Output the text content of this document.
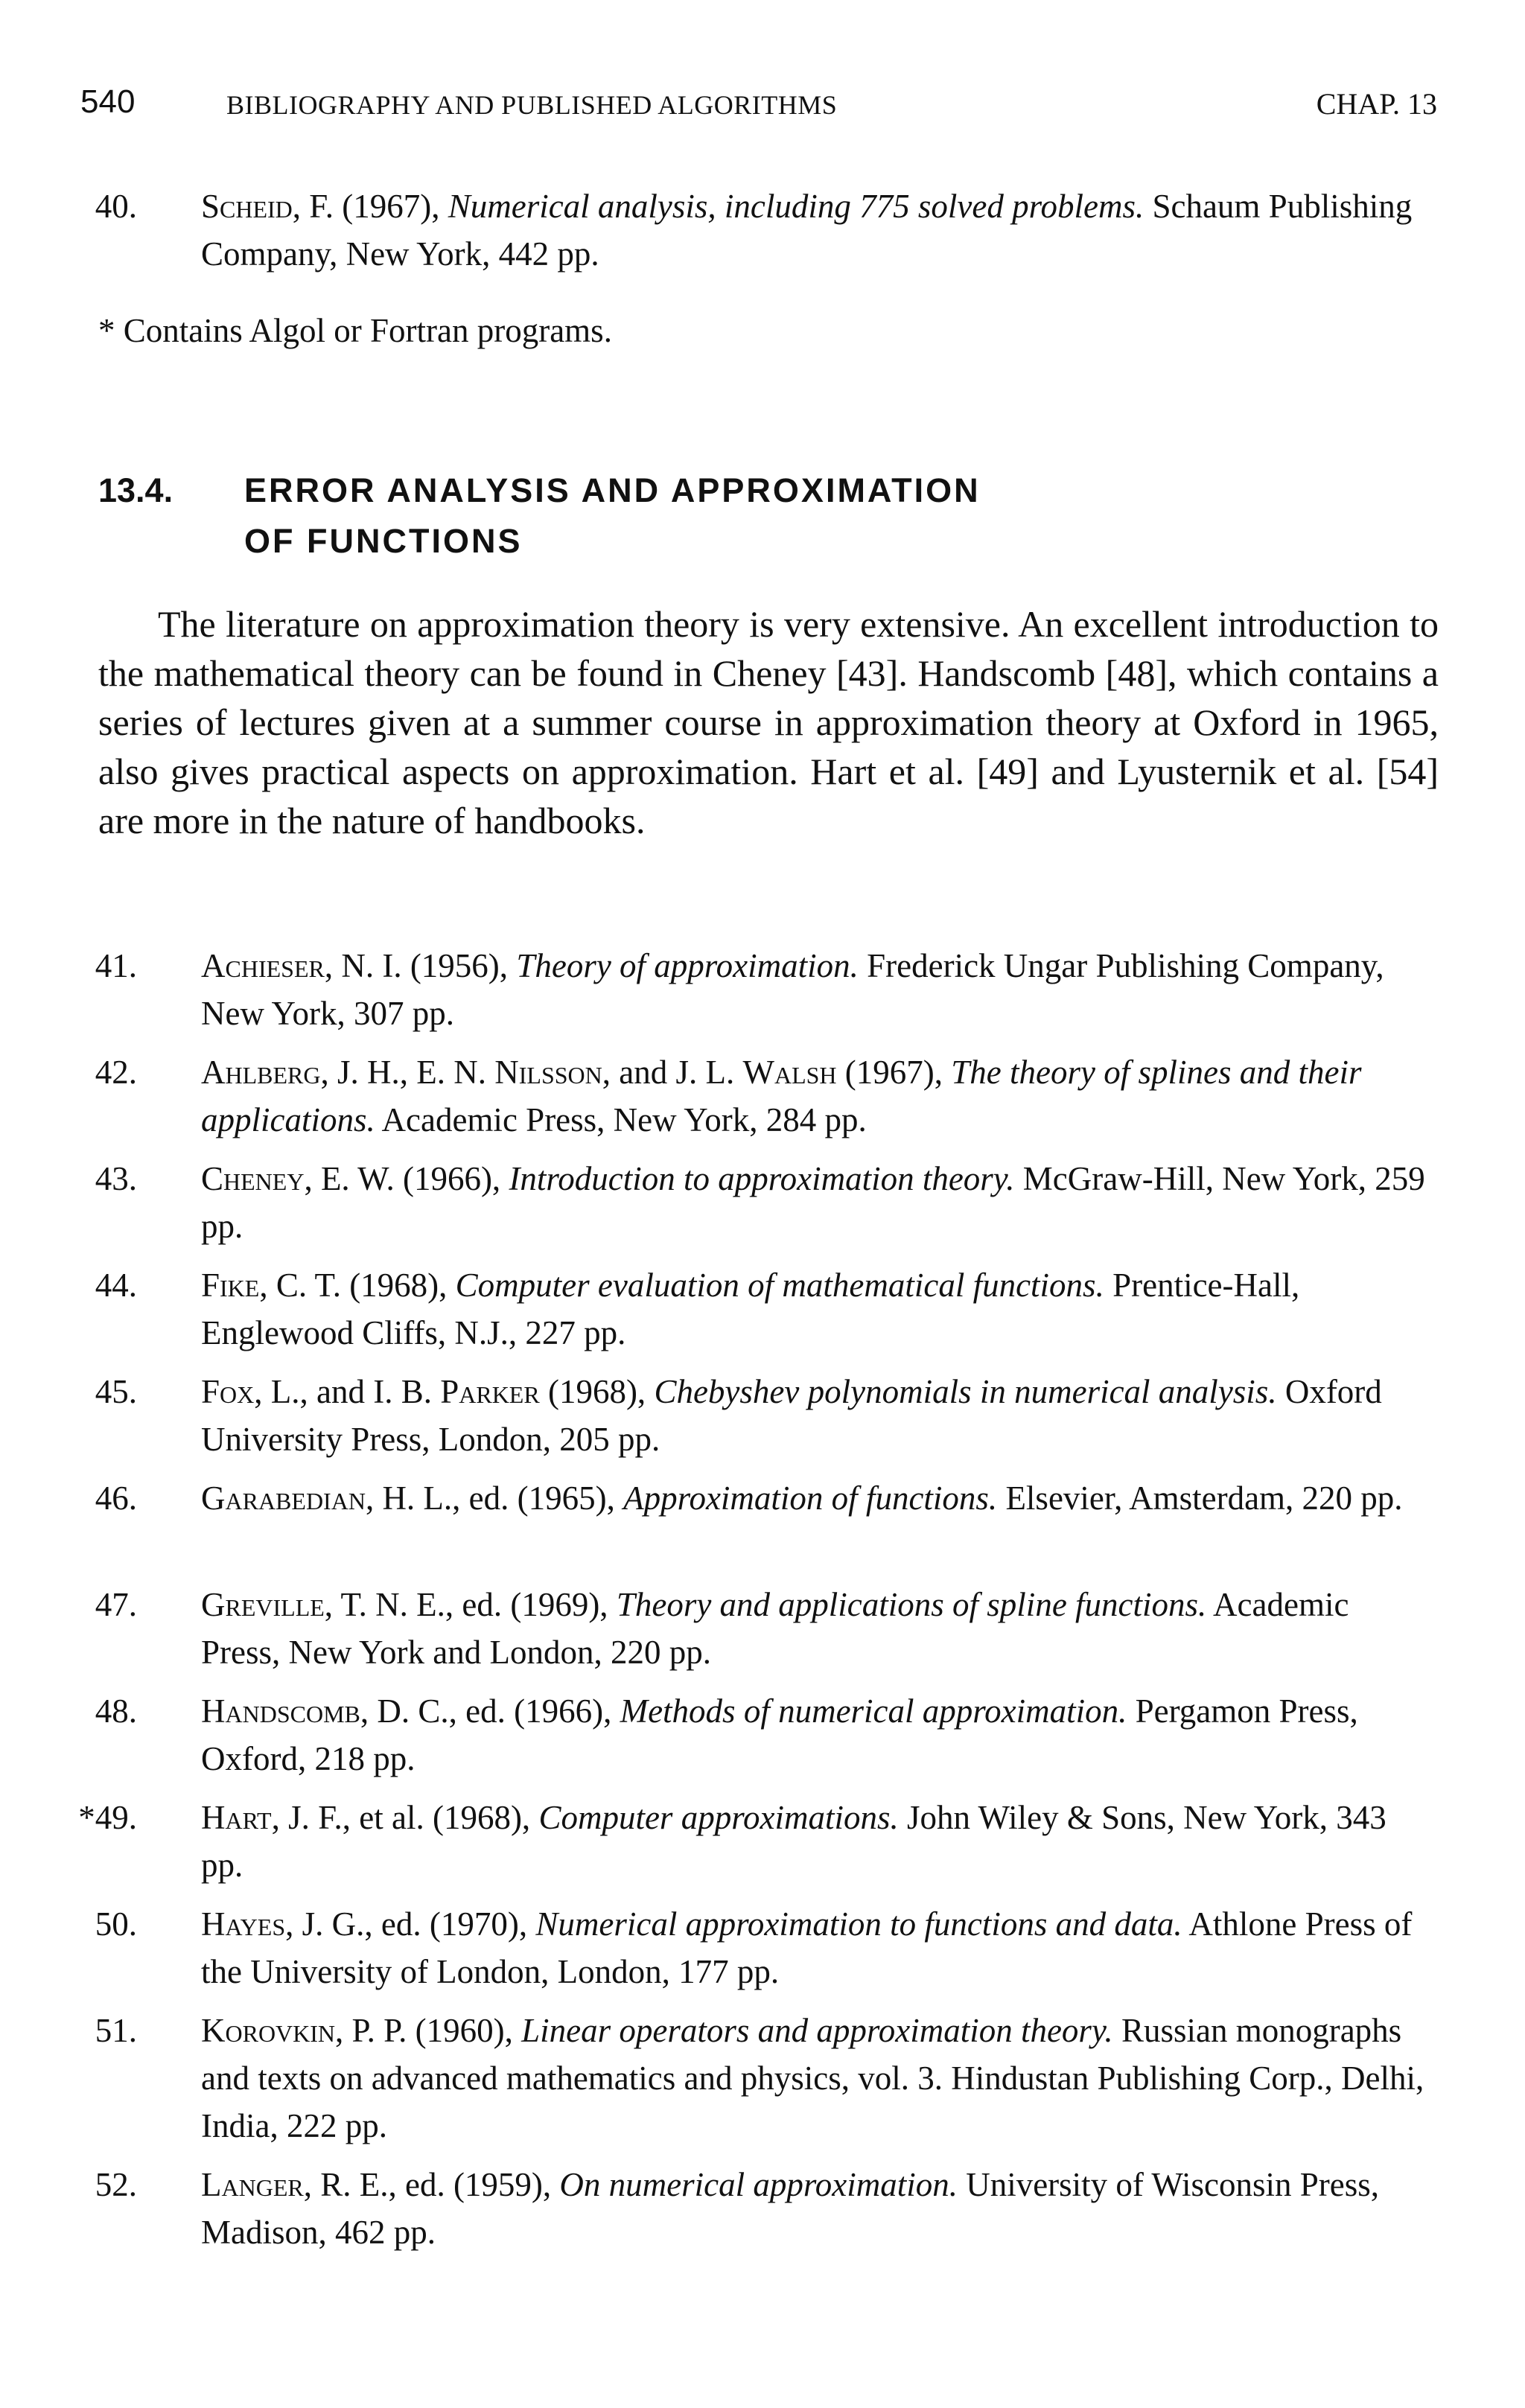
540	BIBLIOGRAPHY AND PUBLISHED ALGORITHMS	CHAP. 13
40. Scheid, F. (1967), Numerical analysis, including 775 solved problems. Schaum Publishing Company, New York, 442 pp.
* Contains Algol or Fortran programs.
13.4. ERROR ANALYSIS AND APPROXIMATION
OF FUNCTIONS

The literature on approximation theory is very extensive. An excellent introduction to the mathematical theory can be found in Cheney [43]. Handscomb [48], which contains a series of lectures given at a summer course in approximation theory at Oxford in 1965, also gives practical aspects on approximation. Hart et al. [49] and Lyusternik et al. [54] are more in the nature of handbooks.

41. Achieser, N. I. (1956), Theory of approximation. Frederick Ungar Publishing Company, New York, 307 pp.
42. Ahlberg, J. H., E. N. Nilsson, and J. L. Walsh (1967), The theory of splines and their applications. Academic Press, New York, 284 pp.
43. Cheney, E. W. (1966), Introduction to approximation theory. McGraw-Hill, New York, 259 pp.
44. Fike, C. T. (1968), Computer evaluation of mathematical functions. Prentice-Hall, Englewood Cliffs, N.J., 227 pp.
45. Fox, L., and I. B. Parker (1968), Chebyshev polynomials in numerical analysis. Oxford University Press, London, 205 pp.
46. Garabedian, H. L., ed. (1965), Approximation of functions. Elsevier, Amsterdam, 220 pp.
47. Greville, T. N. E., ed. (1969), Theory and applications of spline functions. Academic Press, New York and London, 220 pp.
48. Handscomb, D. C., ed. (1966), Methods of numerical approximation. Pergamon Press, Oxford, 218 pp.
*49. Hart, J. F., et al. (1968), Computer approximations. John Wiley & Sons, New York, 343 pp.
50. Hayes, J. G., ed. (1970), Numerical approximation to functions and data. Athlone Press of the University of London, London, 177 pp.
51. Korovkin, P. P. (1960), Linear operators and approximation theory. Russian monographs and texts on advanced mathematics and physics, vol. 3. Hindustan Publishing Corp., Delhi, India, 222 pp.
52. Langer, R. E., ed. (1959), On numerical approximation. University of Wisconsin Press, Madison, 462 pp.
